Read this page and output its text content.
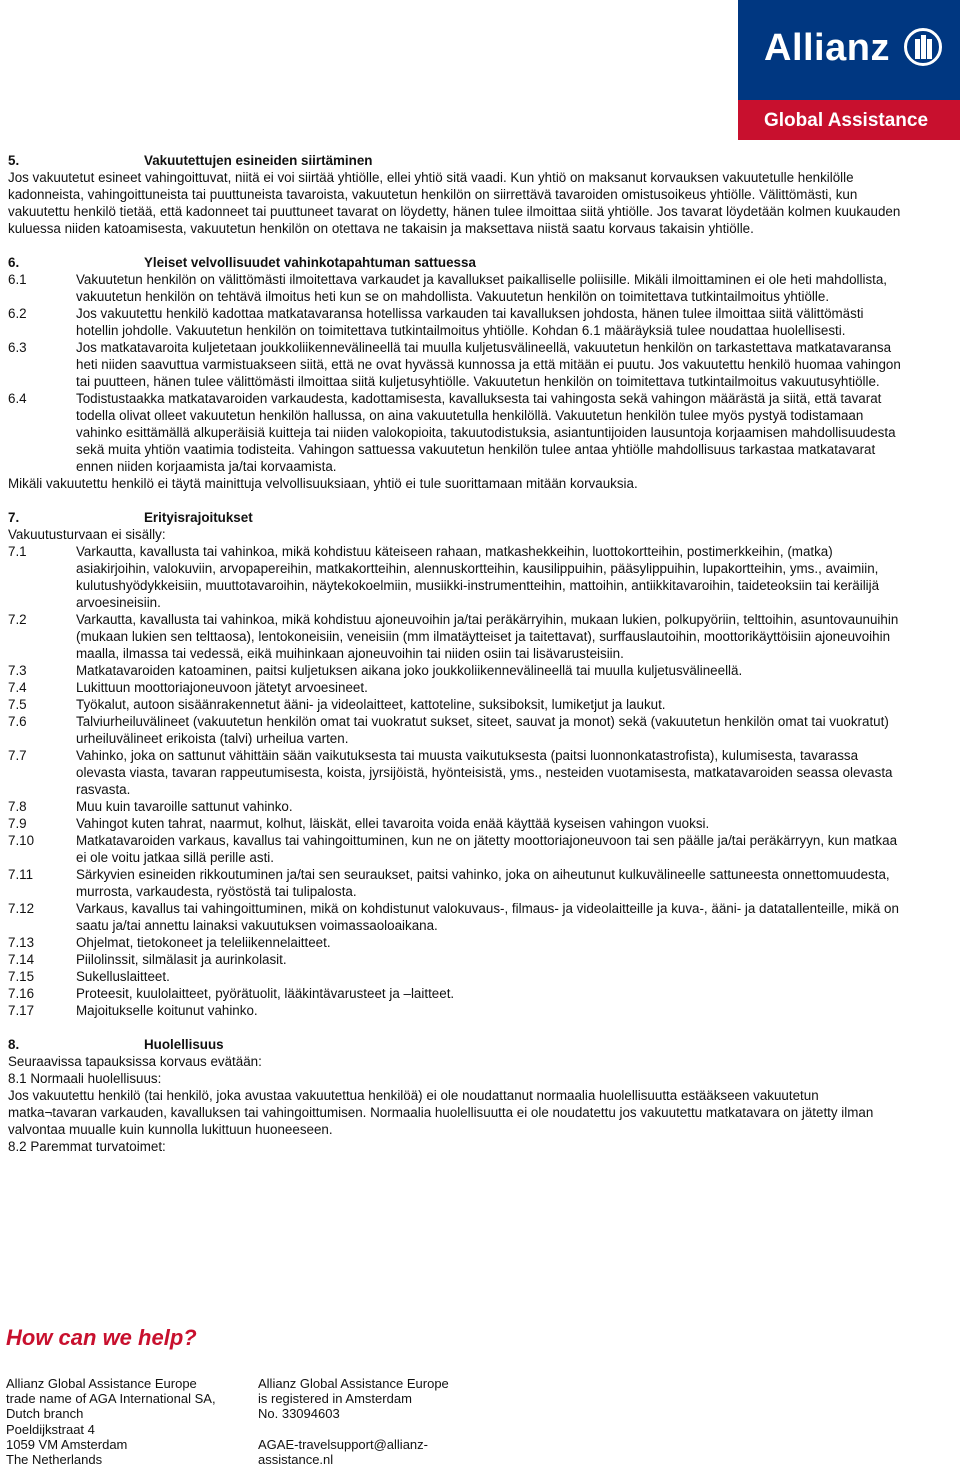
Allianz
Global Assistance
5.	Vakuutettujen esineiden siirtäminen

Jos vakuutetut esineet vahingoittuvat, niitä ei voi siirtää yhtiölle, ellei yhtiö sitä vaadi. Kun yhtiö on maksanut korvauksen vakuutetulle henkilölle kadonneista, vahingoittuneista tai puuttuneista tavaroista, vakuutetun henkilön on siirrettävä tavaroiden omistusoikeus yhtiölle. Välittömästi, kun vakuutettu henkilö tietää, että kadonneet tai puuttuneet tavarat on löydetty, hänen tulee ilmoittaa siitä yhtiölle. Jos tavarat löydetään kolmen kuukauden kuluessa niiden katoamisesta, vakuutetun henkilön on otettava ne takaisin ja maksettava niistä saatu korvaus takaisin yhtiölle.

6.	Yleiset velvollisuudet vahinkotapahtuman sattuessa
6.1	Vakuutetun henkilön on välittömästi ilmoitettava varkaudet ja kavallukset paikalliselle poliisille. Mikäli ilmoittaminen ei ole heti mahdollista, vakuutetun henkilön on tehtävä ilmoitus heti kun se on mahdollista. Vakuutetun henkilön on toimitettava tutkintailmoitus yhtiölle.
6.2	Jos vakuutettu henkilö kadottaa matkatavaransa hotellissa varkauden tai kavalluksen johdosta, hänen tulee ilmoittaa siitä välittömästi hotellin johdolle. Vakuutetun henkilön on toimitettava tutkintailmoitus yhtiölle. Kohdan 6.1 määräyksiä tulee noudattaa huolellisesti.
6.3	Jos matkatavaroita kuljetetaan joukkoliikennevälineellä tai muulla kuljetusvälineellä, vakuutetun henkilön on tarkastettava matkatavaransa heti niiden saavuttua varmistuakseen siitä, että ne ovat hyvässä kunnossa ja että mitään ei puutu. Jos vakuutettu henkilö huomaa vahingon tai puutteen, hänen tulee välittömästi ilmoittaa siitä kuljetusyhtiölle. Vakuutetun henkilön on toimitettava tutkintailmoitus vakuutusyhtiölle.
6.4	Todistustaakka matkatavaroiden varkaudesta, kadottamisesta, kavalluksesta tai vahingosta sekä vahingon määrästä ja siitä, että tavarat todella olivat olleet vakuutetun henkilön hallussa, on aina vakuutetulla henkilöllä. Vakuutetun henkilön tulee myös pystyä todistamaan vahinko esittämällä alkuperäisiä kuitteja tai niiden valokopioita, takuutodistuksia, asiantuntijoiden lausuntoja korjaamisen mahdollisuudesta sekä muita yhtiön vaatimia todisteita. Vahingon sattuessa vakuutetun henkilön tulee antaa yhtiölle mahdollisuus tarkastaa matkatavarat ennen niiden korjaamista ja/tai korvaamista.

Mikäli vakuutettu henkilö ei täytä mainittuja velvollisuuksiaan, yhtiö ei tule suorittamaan mitään korvauksia.

7.	Erityisrajoitukset

Vakuutusturvaan ei sisälly:

7.1	Varkautta, kavallusta tai vahinkoa, mikä kohdistuu käteiseen rahaan, matkashekkeihin, luottokortteihin, postimerkkeihin, (matka) asiakirjoihin, valokuviin, arvopapereihin, matkakortteihin, alennuskortteihin, kausilippuihin, pääsylippuihin, lupakortteihin, yms., avaimiin, kulutushyödykkeisiin, muuttotavaroihin, näytekokoelmiin, musiikki-instrumentteihin, mattoihin, antiikkitavaroihin, taideteoksiin tai keräilijä arvoesineisiin.
7.2	Varkautta, kavallusta tai vahinkoa, mikä kohdistuu ajoneuvoihin ja/tai peräkärryihin, mukaan lukien, polkupyöriin, telttoihin, asuntovaunuihin (mukaan lukien sen telttaosa), lentokoneisiin, veneisiin (mm ilmatäytteiset ja taitettavat), surffauslautoihin, moottorikäyttöisiin ajoneuvoihin maalla, ilmassa tai vedessä, eikä muihinkaan ajoneuvoihin tai niiden osiin tai lisävarusteisiin.
7.3	Matkatavaroiden katoaminen, paitsi kuljetuksen aikana joko joukkoliikennevälineellä tai muulla kuljetusvälineellä.
7.4	Lukittuun moottoriajoneuvoon jätetyt arvoesineet.
7.5	Työkalut, autoon sisäänrakennetut ääni- ja videolaitteet, kattoteline, suksiboksit, lumiketjut ja laukut.
7.6	Talviurheiluvälineet (vakuutetun henkilön omat tai vuokratut sukset, siteet, sauvat ja monot) sekä (vakuutetun henkilön omat tai vuokratut) urheiluvälineet erikoista (talvi) urheilua varten.
7.7	Vahinko, joka on sattunut vähittäin sään vaikutuksesta tai muusta vaikutuksesta (paitsi luonnonkatastrofista), kulumisesta, tavarassa olevasta viasta, tavaran rappeutumisesta, koista, jyrsijöistä, hyönteisistä, yms., nesteiden vuotamisesta, matkatavaroiden seassa olevasta rasvasta.
7.8	Muu kuin tavaroille sattunut vahinko.
7.9	Vahingot kuten tahrat, naarmut, kolhut, läiskät, ellei tavaroita voida enää käyttää kyseisen vahingon vuoksi.
7.10	Matkatavaroiden varkaus, kavallus tai vahingoittuminen, kun ne on jätetty moottoriajoneuvoon tai sen päälle ja/tai peräkärryyn, kun matkaa ei ole voitu jatkaa sillä perille asti.
7.11	Särkyvien esineiden rikkoutuminen ja/tai sen seuraukset, paitsi vahinko, joka on aiheutunut kulkuvälineelle sattuneesta onnettomuudesta, murrosta, varkaudesta, ryöstöstä tai tulipalosta.
7.12	Varkaus, kavallus tai vahingoittuminen, mikä on kohdistunut valokuvaus-, filmaus- ja videolaitteille ja kuva-, ääni- ja datatallenteille, mikä on saatu ja/tai annettu lainaksi vakuutuksen voimassaoloaikana.
7.13	Ohjelmat, tietokoneet ja teleliikennelaitteet.
7.14	Piilolinssit, silmälasit ja aurinkolasit.
7.15	Sukelluslaitteet.
7.16	Proteesit, kuulolaitteet, pyörätuolit, lääkintävarusteet ja –laitteet.
7.17	Majoitukselle koitunut vahinko.
8.	Huolellisuus

Seuraavissa tapauksissa korvaus evätään:

8.1 Normaali huolellisuus:

Jos vakuutettu henkilö (tai henkilö, joka avustaa vakuutettua henkilöä) ei ole noudattanut normaalia huolellisuutta estääkseen vakuutetun matka¬tavaran varkauden, kavalluksen tai vahingoittumisen. Normaalia huolellisuutta ei ole noudatettu jos vakuutettu matkatavara on jätetty ilman valvontaa muualle kuin kunnolla lukittuun huoneeseen.

8.2 Paremmat turvatoimet:

How can we help?
Allianz Global Assistance Europe
trade name of AGA International SA,
Dutch branch
Poeldijkstraat 4
1059 VM Amsterdam
The Netherlands
Allianz Global Assistance Europe
is registered in Amsterdam
No. 33094603

AGAE-travelsupport@allianz-
assistance.nl
